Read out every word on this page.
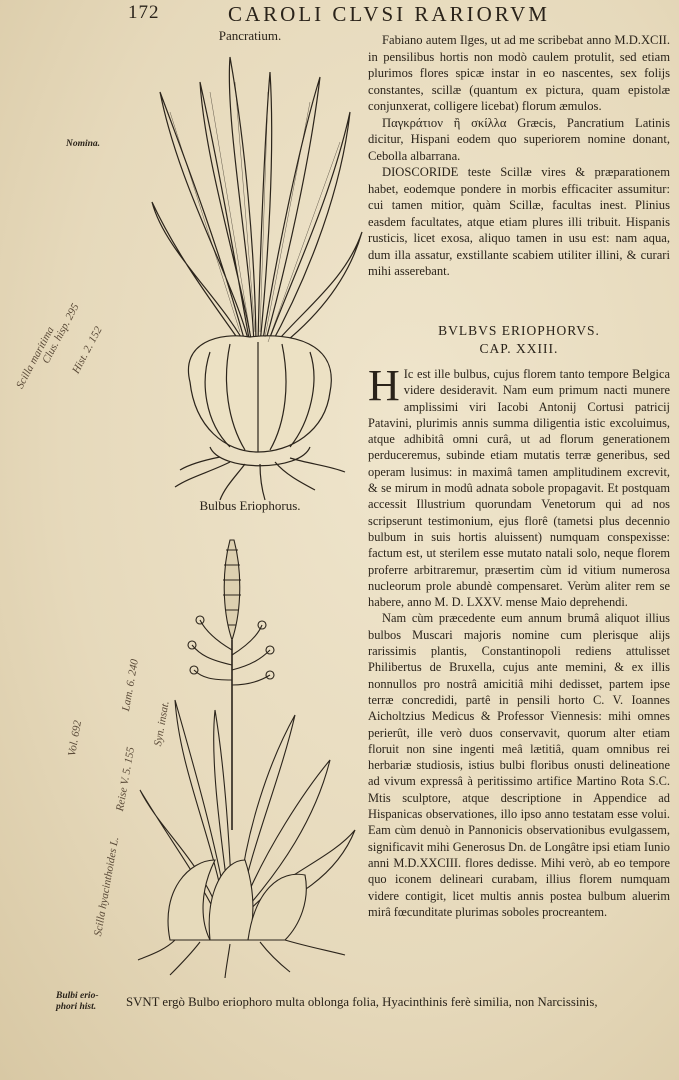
172	CAROLI CLVSI RARIORVM
Pancratium.
Bulbus Eriophorus.
Nomina.
Bulbi erio-
phori hist.
Scilla maritima
Clus. hisp. 295
Hist. 2. 152
Scilla hyacinthoides L.
Reise V. 5. 155
Syn. insat.
Lam. 6. 240
Vol. 692

Fabiano autem Ilges, ut ad me scribebat anno M.D.XCII. in pensilibus hortis non modò caulem protulit, sed etiam plurimos flores spicæ instar in eo nascentes, sex folijs constantes, scillæ (quantum ex pictura, quam epistolæ conjunxerat, colligere licebat) florum æmulos.

Παγκράτιον ἢ σκίλλα Græcis, Pancratium Latinis dicitur, Hispani eodem quo superiorem nomine donant, Cebolla albarrana.

DIOSCORIDE teste Scillæ vires & præparationem habet, eodemque pondere in morbis efficaciter assumitur: cui tamen mitior, quàm Scillæ, facultas inest. Plinius easdem facultates, atque etiam plures illi tribuit. Hispanis rusticis, licet exosa, aliquo tamen in usu est: nam aqua, dum illa assatur, exstillante scabiem utiliter illini, & curari mihi asserebant.

BVLBVS ERIOPHORVS.
CAP. XXIII.

H Ic est ille bulbus, cujus florem tanto tempore Belgica videre desideravit. Nam eum primum nacti munere amplissimi viri Iacobi Antonij Cortusi patricij Patavini, plurimis annis summa diligentia istic excoluimus, atque adhibitâ omni curâ, ut ad florum generationem perduceremus, subinde etiam mutatis terræ generibus, sed operam lusimus: in maximâ tamen amplitudinem excrevit, & se mirum in modû adnata sobole propagavit. Et postquam accessit Illustrium quorundam Venetorum qui ad nos scripserunt testimonium, ejus florê (tametsi plus decennio bulbum in suis hortis aluissent) numquam conspexisse: factum est, ut sterilem esse mutato natali solo, neque florem proferre arbitraremur, præsertim cùm id vitium numerosa nucleorum prole abundè compensaret. Verùm aliter rem se habere, anno M. D. LXXV. mense Maio deprehendi.

Nam cùm præcedente eum annum brumâ aliquot illius bulbos Muscari majoris nomine cum plerisque alijs rarissimis plantis, Constantinopoli rediens attulisset Philibertus de Bruxella, cujus ante memini, & ex illis nonnullos pro nostrâ amicitiâ mihi dedisset, partem ipse terræ concredidi, partê in pensili horto C. V. Ioannes Aicholtzius Medicus & Professor Viennesis: mihi omnes perierût, ille verò duos conservavit, quorum alter etiam floruit non sine ingenti meâ lætitiâ, quam omnibus rei herbariæ studiosis, istius bulbi floribus onusti delineatione ad vivum expressâ à peritissimo artifice Martino Rota S.C. Mtis sculptore, atque descriptione in Appendice ad Hispanicas observationes, illo ipso anno testatam esse volui. Eam cùm denuò in Pannonicis observationibus evulgassem, significavit mihi Generosus Dn. de Longâtre ipsi etiam Iunio anni M.D.XXCIII. flores dedisse. Mihi verò, ab eo tempore quo iconem delineari curabam, illius florem numquam videre contigit, licet multis annis postea bulbum aluerim mirâ fœcunditate plurimas soboles procreantem.

SVNT ergò Bulbo eriophoro multa oblonga folia, Hyacinthinis ferè similia, non Narcissinis,
